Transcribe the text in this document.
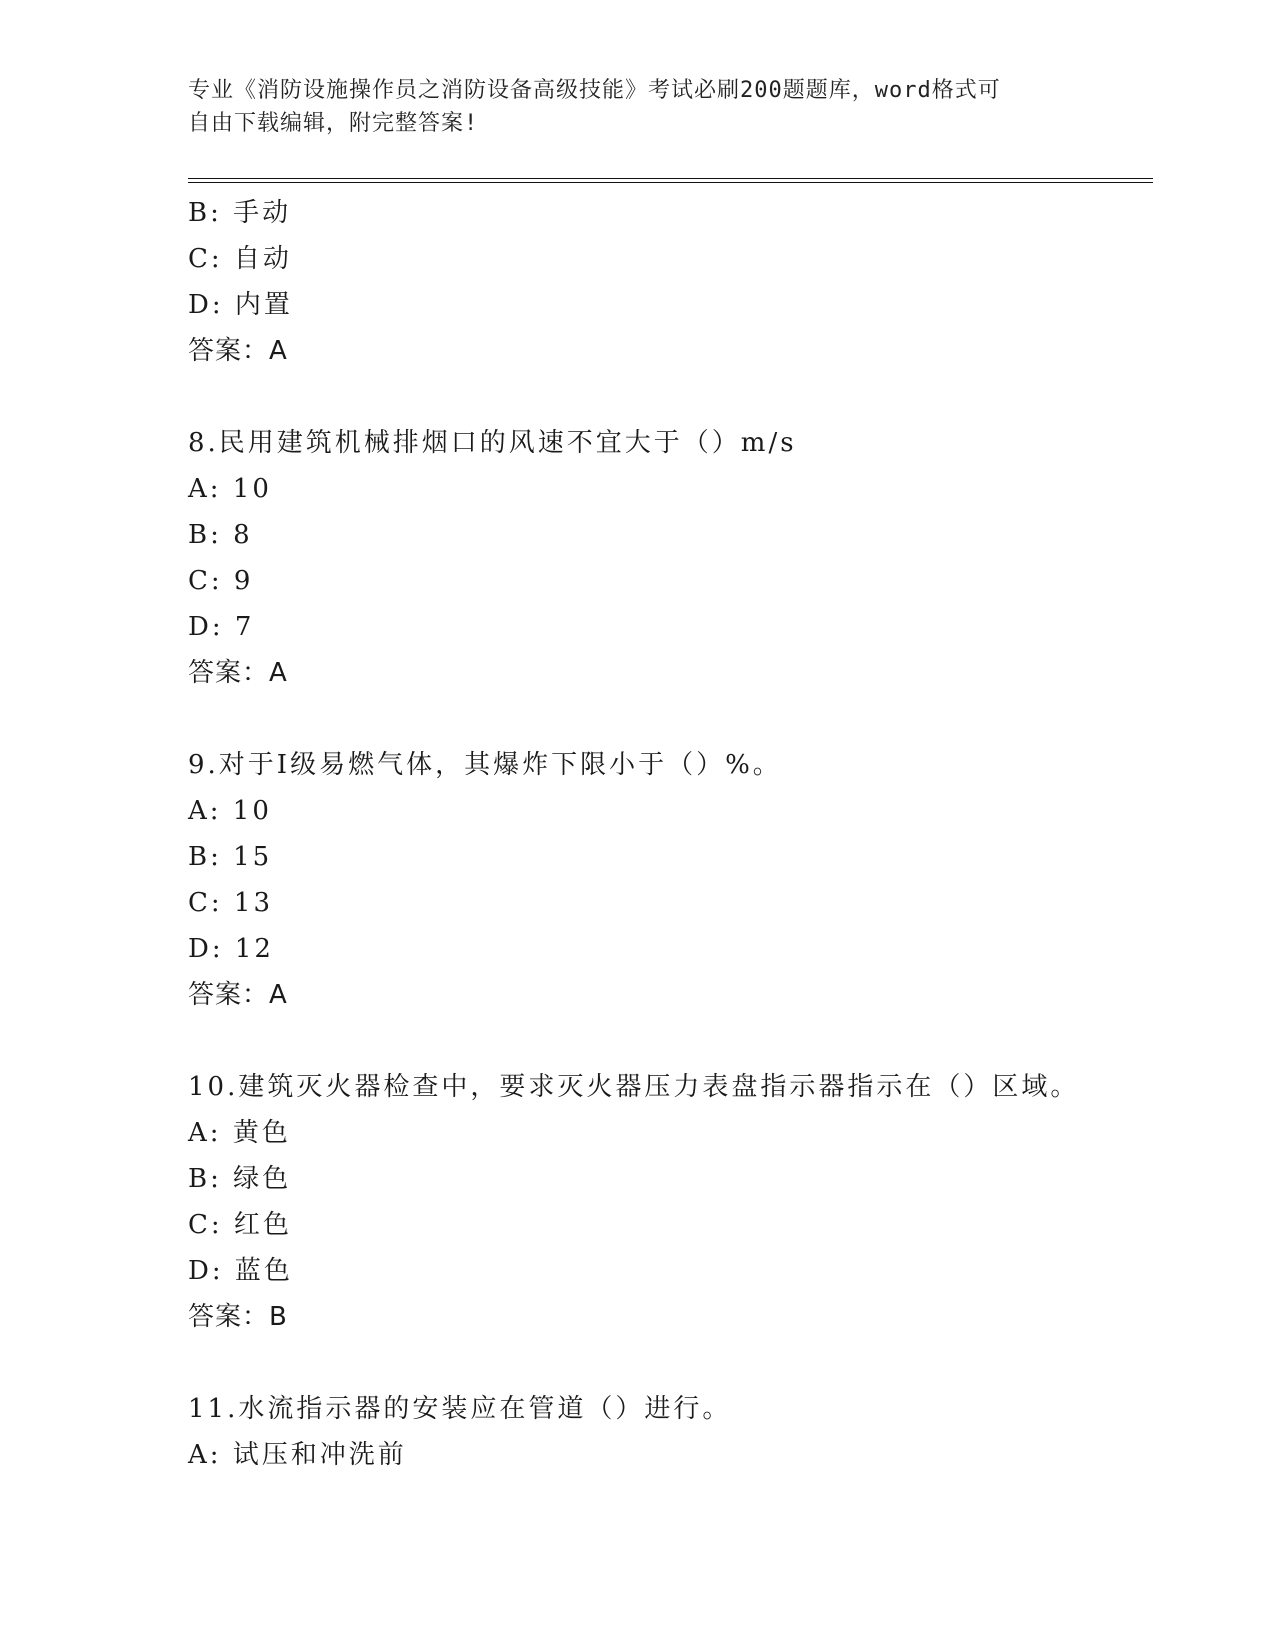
专业《消防设施操作员之消防设备高级技能》考试必刷200题题库，word格式可
自由下载编辑，附完整答案!
B: 手动
C: 自动
D: 内置
答案：A
8.民用建筑机械排烟口的风速不宜大于（）m/s
A: 10
B: 8
C: 9
D: 7
答案：A
9.对于Ⅰ级易燃气体，其爆炸下限小于（）%。
A: 10
B: 15
C: 13
D: 12
答案：A
10.建筑灭火器检查中，要求灭火器压力表盘指示器指示在（）区域。
A: 黄色
B: 绿色
C: 红色
D: 蓝色
答案：B
11.水流指示器的安装应在管道（）进行。
A: 试压和冲洗前
